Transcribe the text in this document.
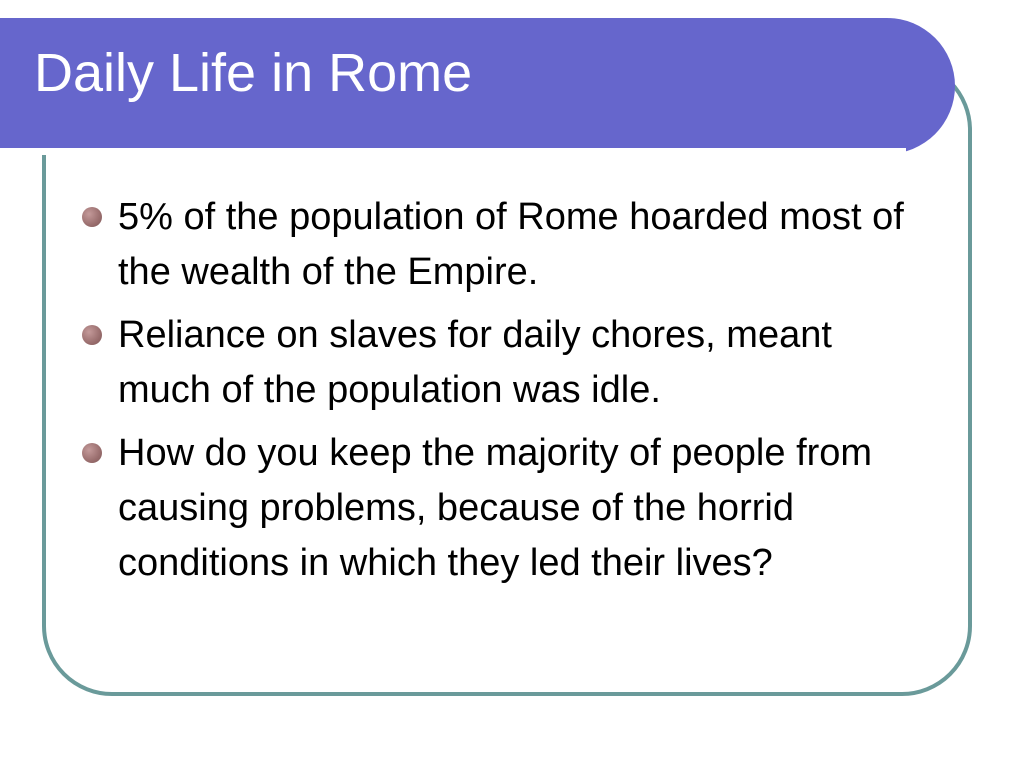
Daily Life in Rome
5% of the population of Rome hoarded most of the wealth of the Empire.
Reliance on slaves for daily chores, meant much of the population was idle.
How do you keep the majority of people from causing problems, because of the horrid conditions in which they led their lives?
